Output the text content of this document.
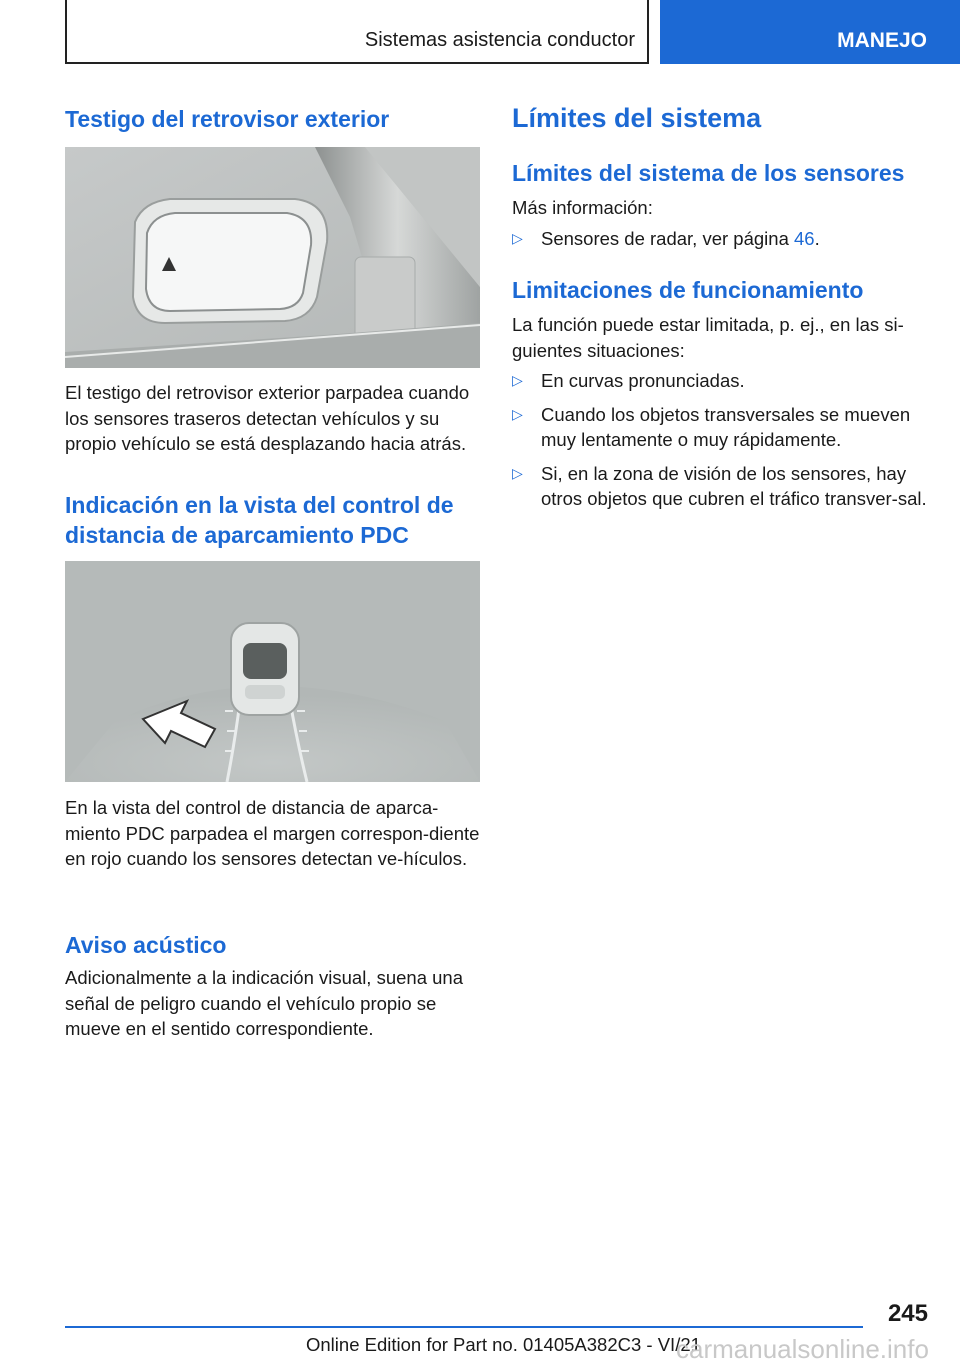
Sistemas asistencia conductor	MANEJO
Testigo del retrovisor exterior

El testigo del retrovisor exterior parpadea cuando los sensores traseros detectan vehículos y su propio vehículo se está desplazando hacia atrás.

Indicación en la vista del control de distancia de aparcamiento PDC

En la vista del control de distancia de aparca-miento PDC parpadea el margen correspon-diente en rojo cuando los sensores detectan ve-hículos.

Aviso acústico

Adicionalmente a la indicación visual, suena una señal de peligro cuando el vehículo propio se mueve en el sentido correspondiente.

Límites del sistema
Límites del sistema de los sensores

Más información:

▷ Sensores de radar, ver página 46.
Limitaciones de funcionamiento

La función puede estar limitada, p. ej., en las si-guientes situaciones:

▷ En curvas pronunciadas.
▷ Cuando los objetos transversales se mueven muy lentamente o muy rápidamente.
▷ Si, en la zona de visión de los sensores, hay otros objetos que cubren el tráfico transver-sal.
245
Online Edition for Part no. 01405A382C3 - VI/21
carmanualsonline.info
